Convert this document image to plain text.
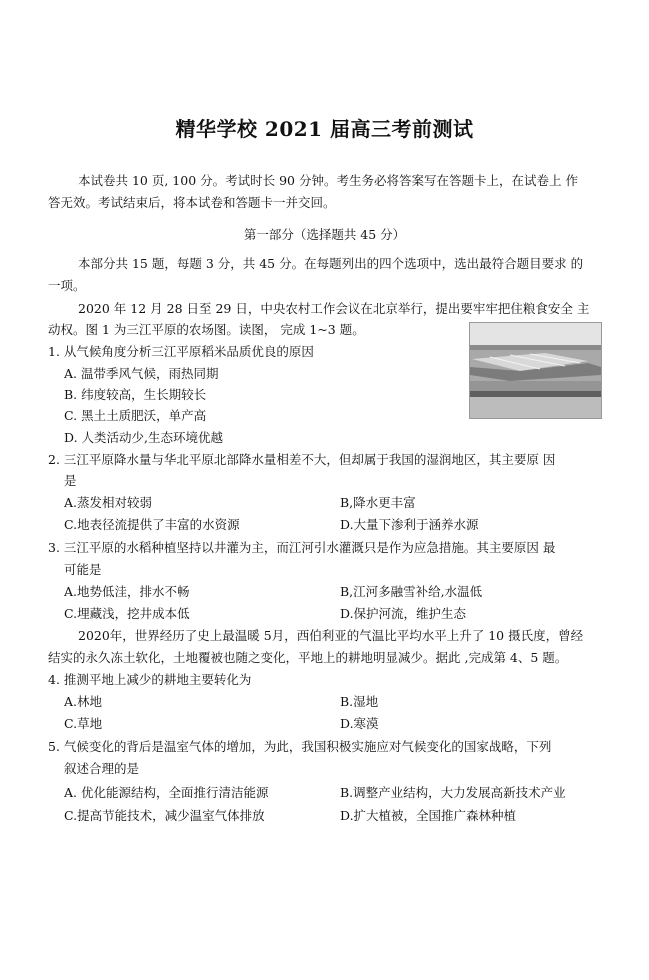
精华学校 2021 届高三考前测试
本试卷共 10 页, 100 分。考试时长 90 分钟。考生务必将答案写在答题卡上，在试卷上 作
答无效。考试结束后，将本试卷和答题卡一并交回。
第一部分（选择题共 45 分）
本部分共 15 题，每题 3 分，共 45 分。在每题列出的四个选项中，选出最符合题目要求 的
一项。
2020 年 12 月 28 日至 29 日，中央农村工作会议在北京举行，提出要牢牢把住粮食安全 主
动权。图 1 为三江平原的农场图。读图， 完成 1~3 题。
1. 从气候角度分析三江平原稻米品质优良的原因
A. 温带季风气候，雨热同期
B. 纬度较高，生长期较长
C. 黑土土质肥沃，单产高
D. 人类活动少,生态环境优越
2. 三江平原降水量与华北平原北部降水量相差不大，但却属于我国的湿润地区，其主要原 因
是
A.蒸发相对较弱	B,降水更丰富
C.地表径流提供了丰富的水资源	D.大量下渗利于涵养水源
3. 三江平原的水稻种植坚持以井灌为主，而江河引水灌溉只是作为应急措施。其主要原因 最
可能是
A.地势低洼，排水不畅	B,江河多融雪补给,水温低
C.埋藏浅，挖井成本低	D.保护河流，维护生态
2020年，世界经历了史上最温暖 5月，西伯利亚的气温比平均水平上升了 10 摄氏度，曾经
结实的永久冻土软化，土地覆被也随之变化，平地上的耕地明显减少。据此 ,完成第 4、5 题。
4. 推测平地上减少的耕地主要转化为
A.林地	B.湿地
C.草地	D.寒漠
5. 气候变化的背后是温室气体的增加，为此，我国积极实施应对气候变化的国家战略，下列
叙述合理的是
A. 优化能源结构，全面推行清洁能源	B.调整产业结构，大力发展高新技术产业
C.提高节能技术，减少温室气体排放	D.扩大植被，全国推广森林种植
